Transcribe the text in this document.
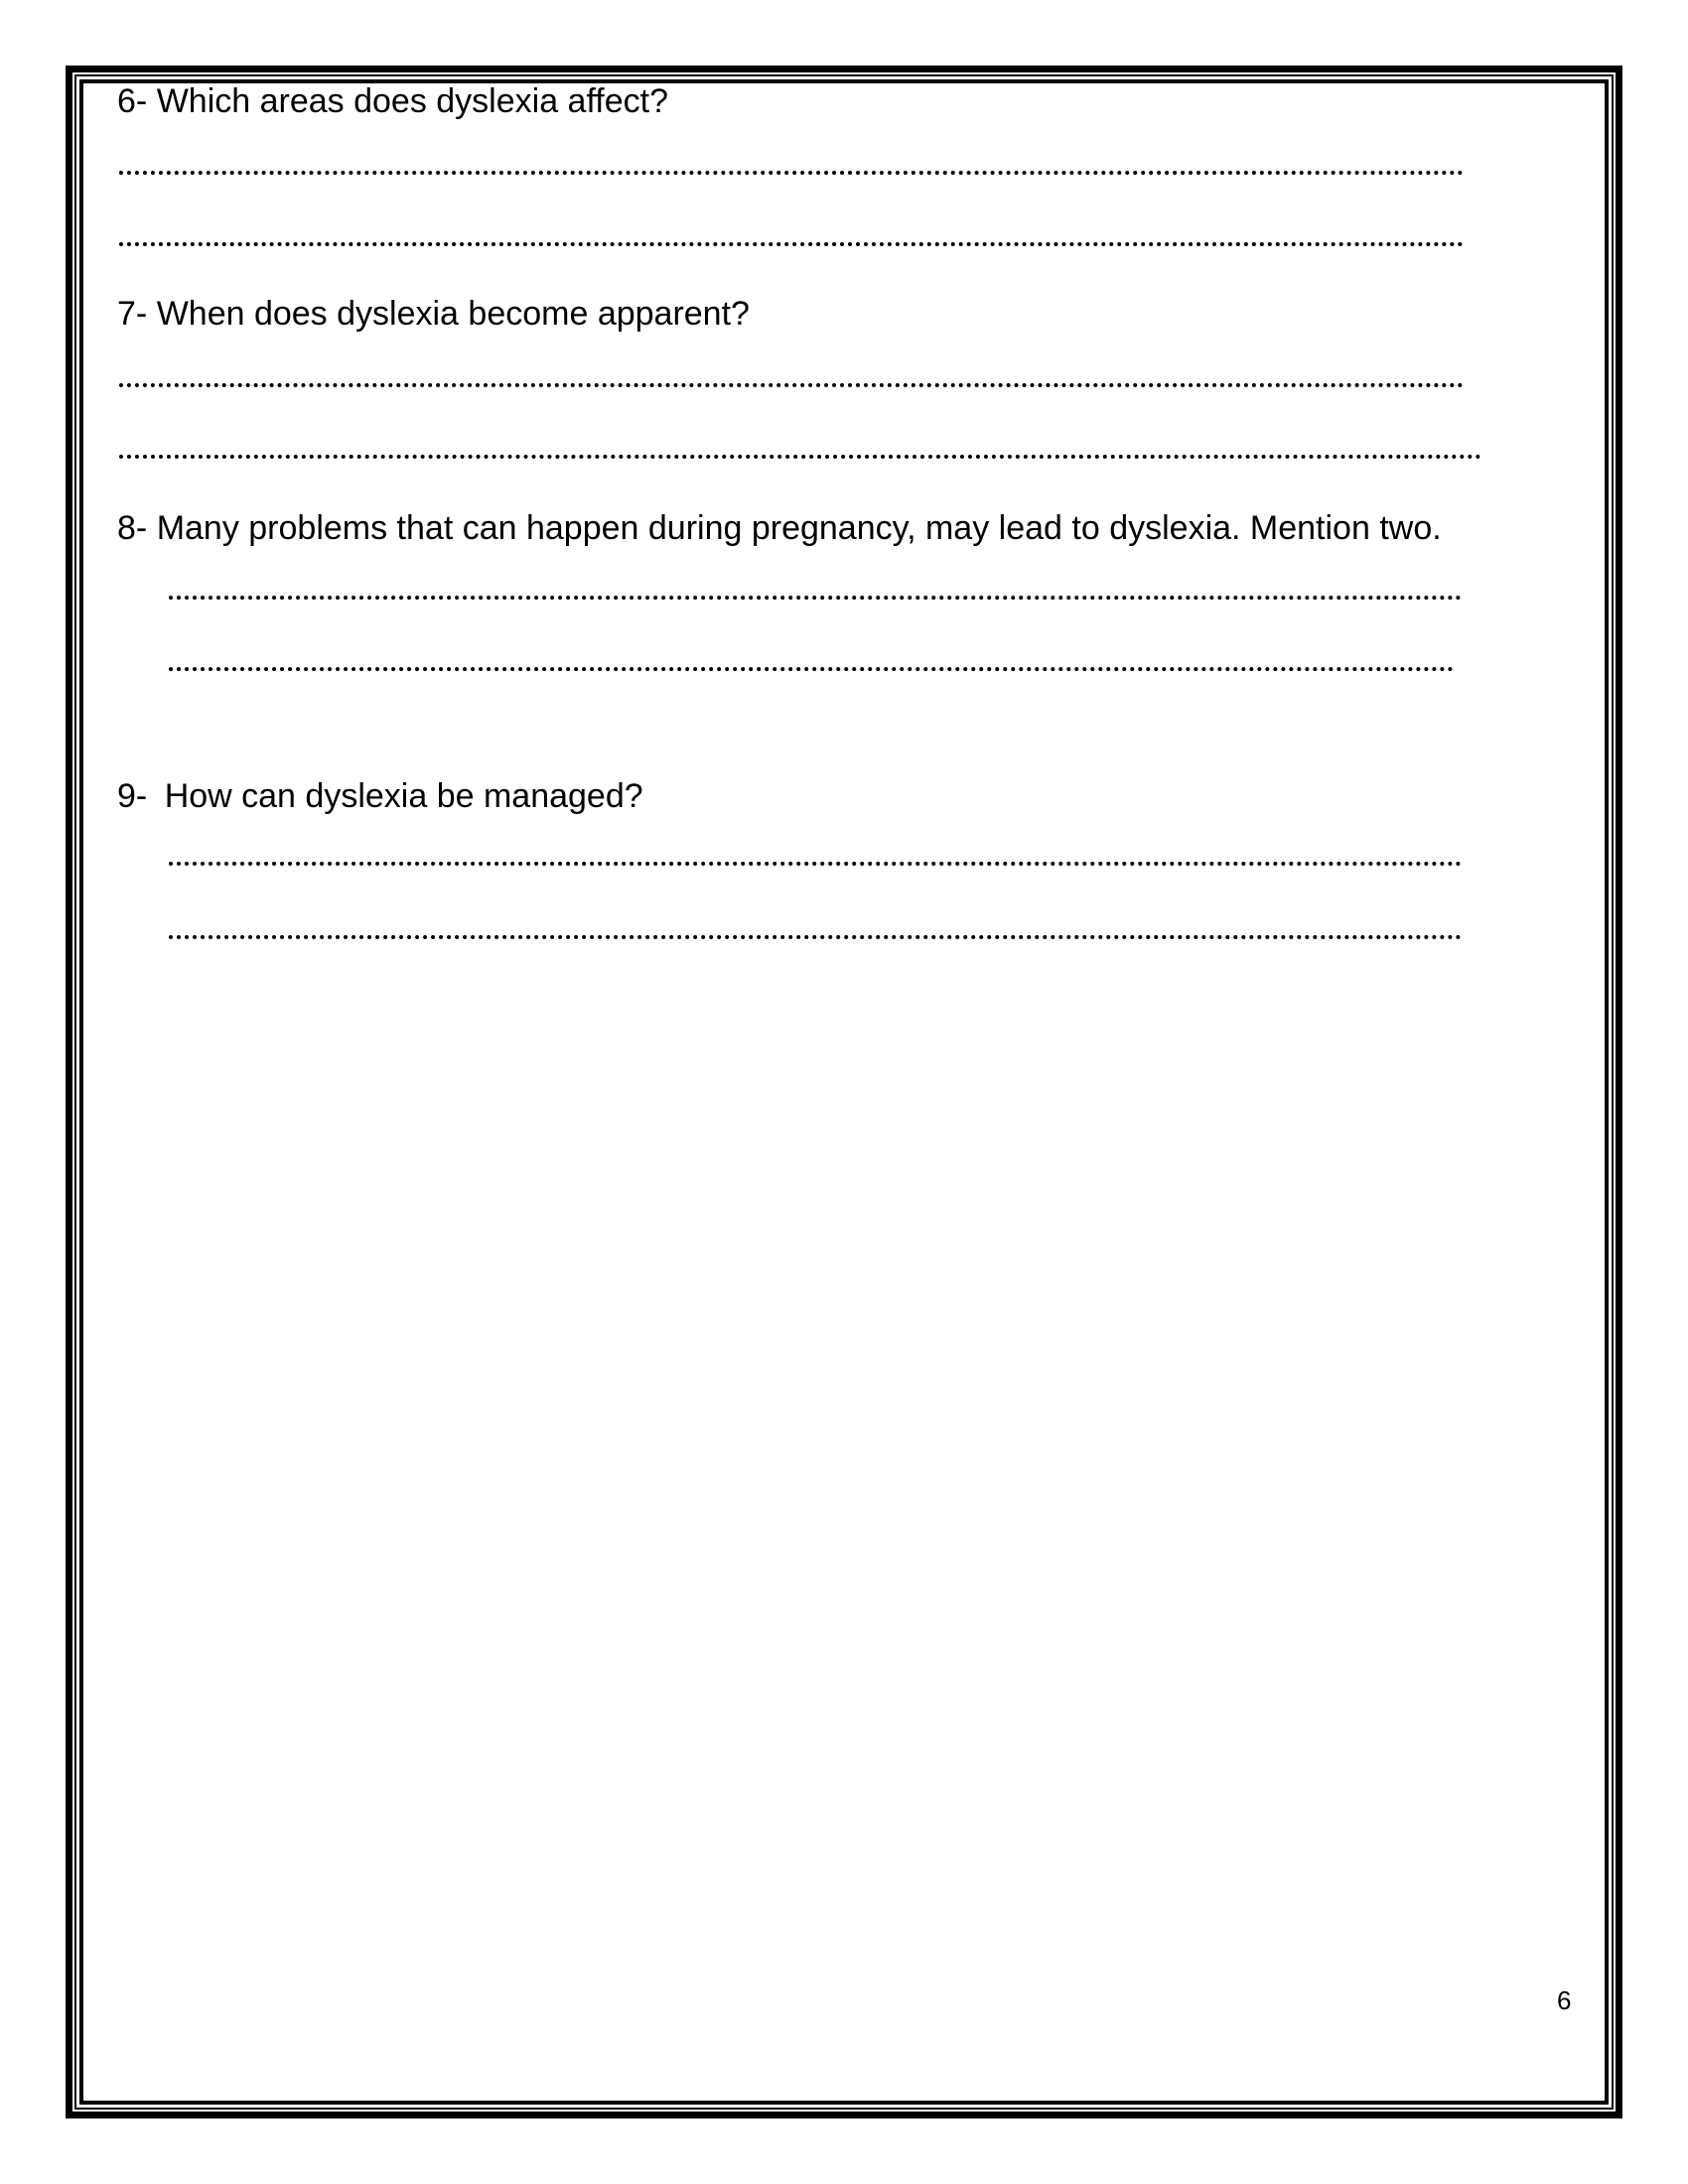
6- Which areas does dyslexia affect?
7- When does dyslexia become apparent?
8- Many problems that can happen during pregnancy, may lead to dyslexia. Mention two.
9- How can dyslexia be managed?
6
